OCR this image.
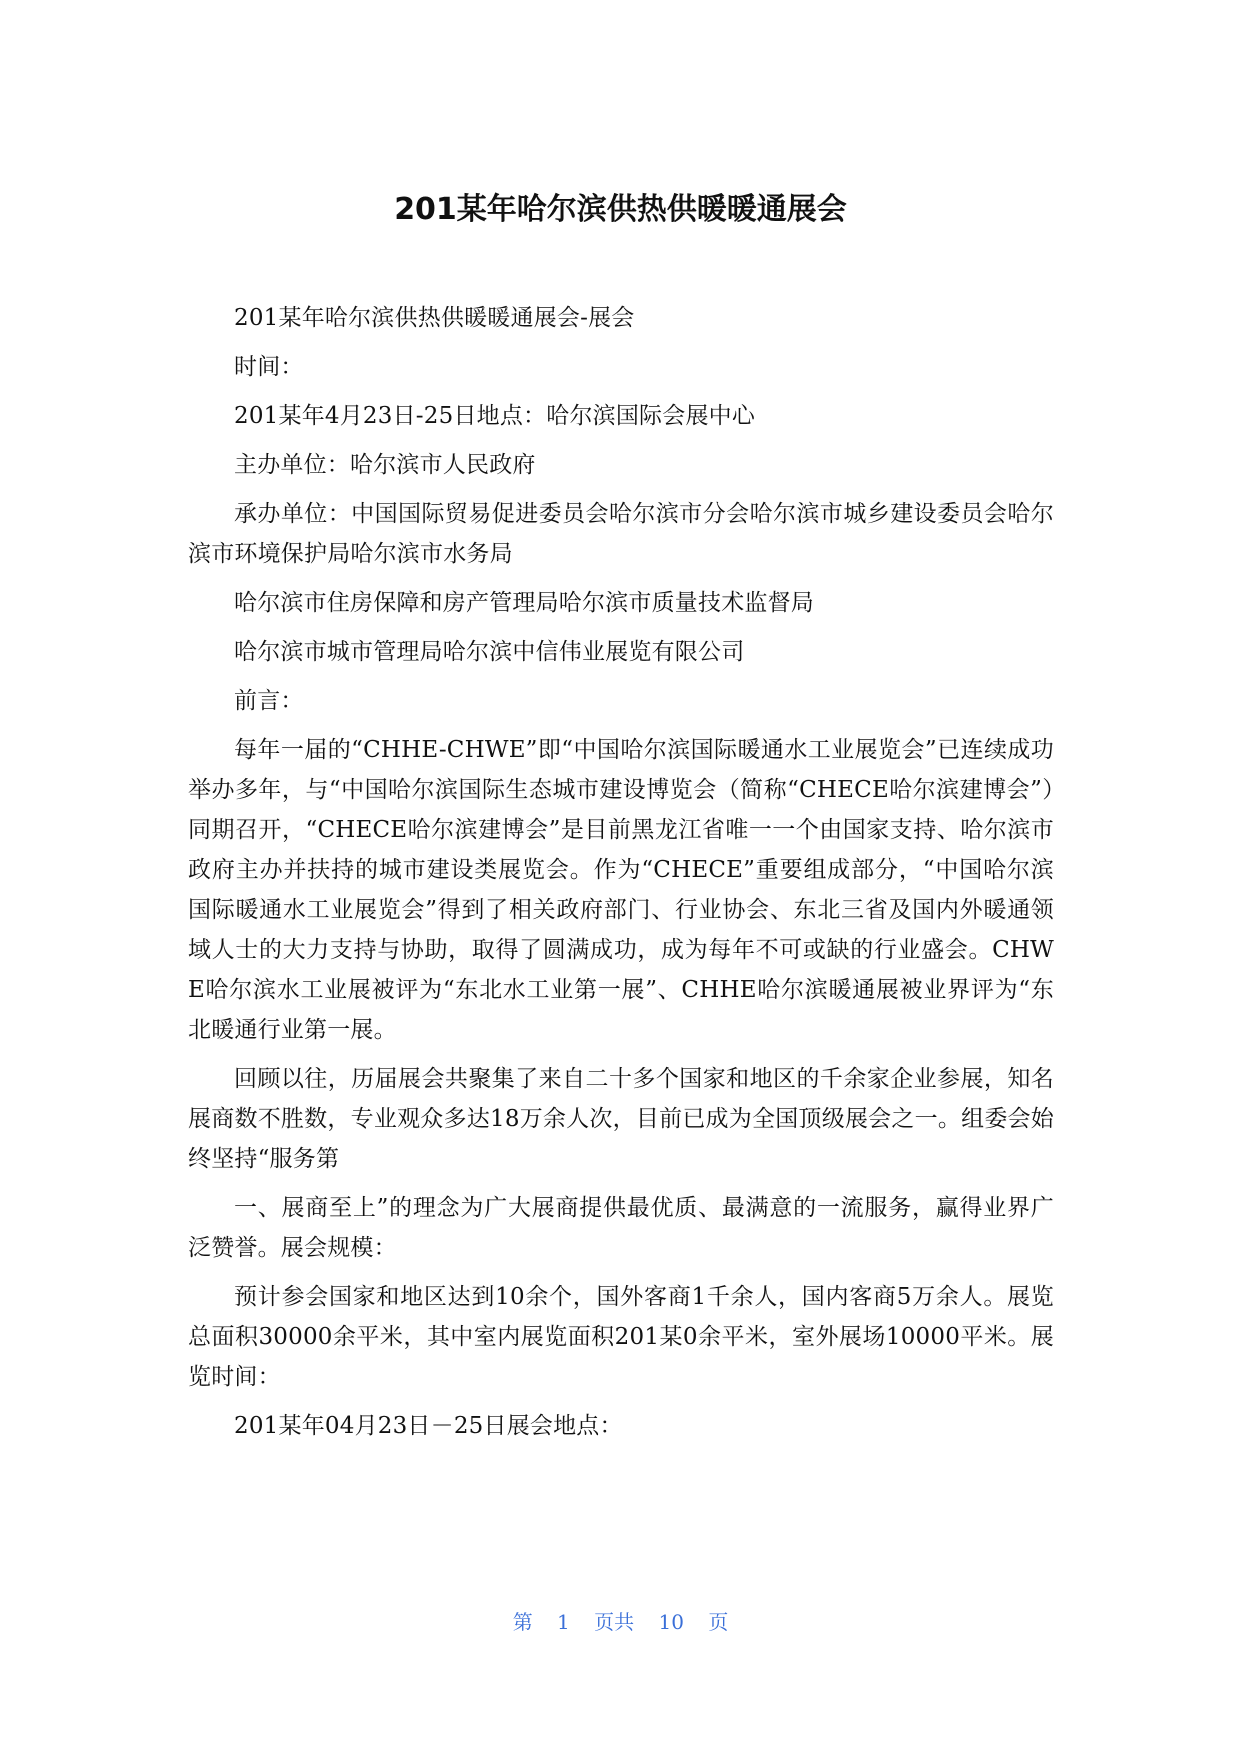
201某年哈尔滨供热供暖暖通展会

201某年哈尔滨供热供暖暖通展会-展会

时间：

201某年4月23日-25日地点：哈尔滨国际会展中心

主办单位：哈尔滨市人民政府

承办单位：中国国际贸易促进委员会哈尔滨市分会哈尔滨市城乡建设委员会哈尔滨市环境保护局哈尔滨市水务局

哈尔滨市住房保障和房产管理局哈尔滨市质量技术监督局

哈尔滨市城市管理局哈尔滨中信伟业展览有限公司

前言：

每年一届的“CHHE-CHWE”即“中国哈尔滨国际暖通水工业展览会”已连续成功举办多年，与“中国哈尔滨国际生态城市建设博览会（简称“CHECE哈尔滨建博会”）同期召开，“CHECE哈尔滨建博会”是目前黑龙江省唯一一个由国家支持、哈尔滨市政府主办并扶持的城市建设类展览会。作为“CHECE”重要组成部分，“中国哈尔滨国际暖通水工业展览会”得到了相关政府部门、行业协会、东北三省及国内外暖通领域人士的大力支持与协助，取得了圆满成功，成为每年不可或缺的行业盛会。CHWE哈尔滨水工业展被评为“东北水工业第一展”、CHHE哈尔滨暖通展被业界评为“东北暖通行业第一展。

回顾以往，历届展会共聚集了来自二十多个国家和地区的千余家企业参展，知名展商数不胜数，专业观众多达18万余人次，目前已成为全国顶级展会之一。组委会始终坚持“服务第

一、展商至上”的理念为广大展商提供最优质、最满意的一流服务，赢得业界广泛赞誉。展会规模：

预计参会国家和地区达到10余个，国外客商1千余人，国内客商5万余人。展览总面积30000余平米，其中室内展览面积201某0余平米，室外展场10000平米。展览时间：

201某年04月23日－25日展会地点：

第 1 页共 10 页
